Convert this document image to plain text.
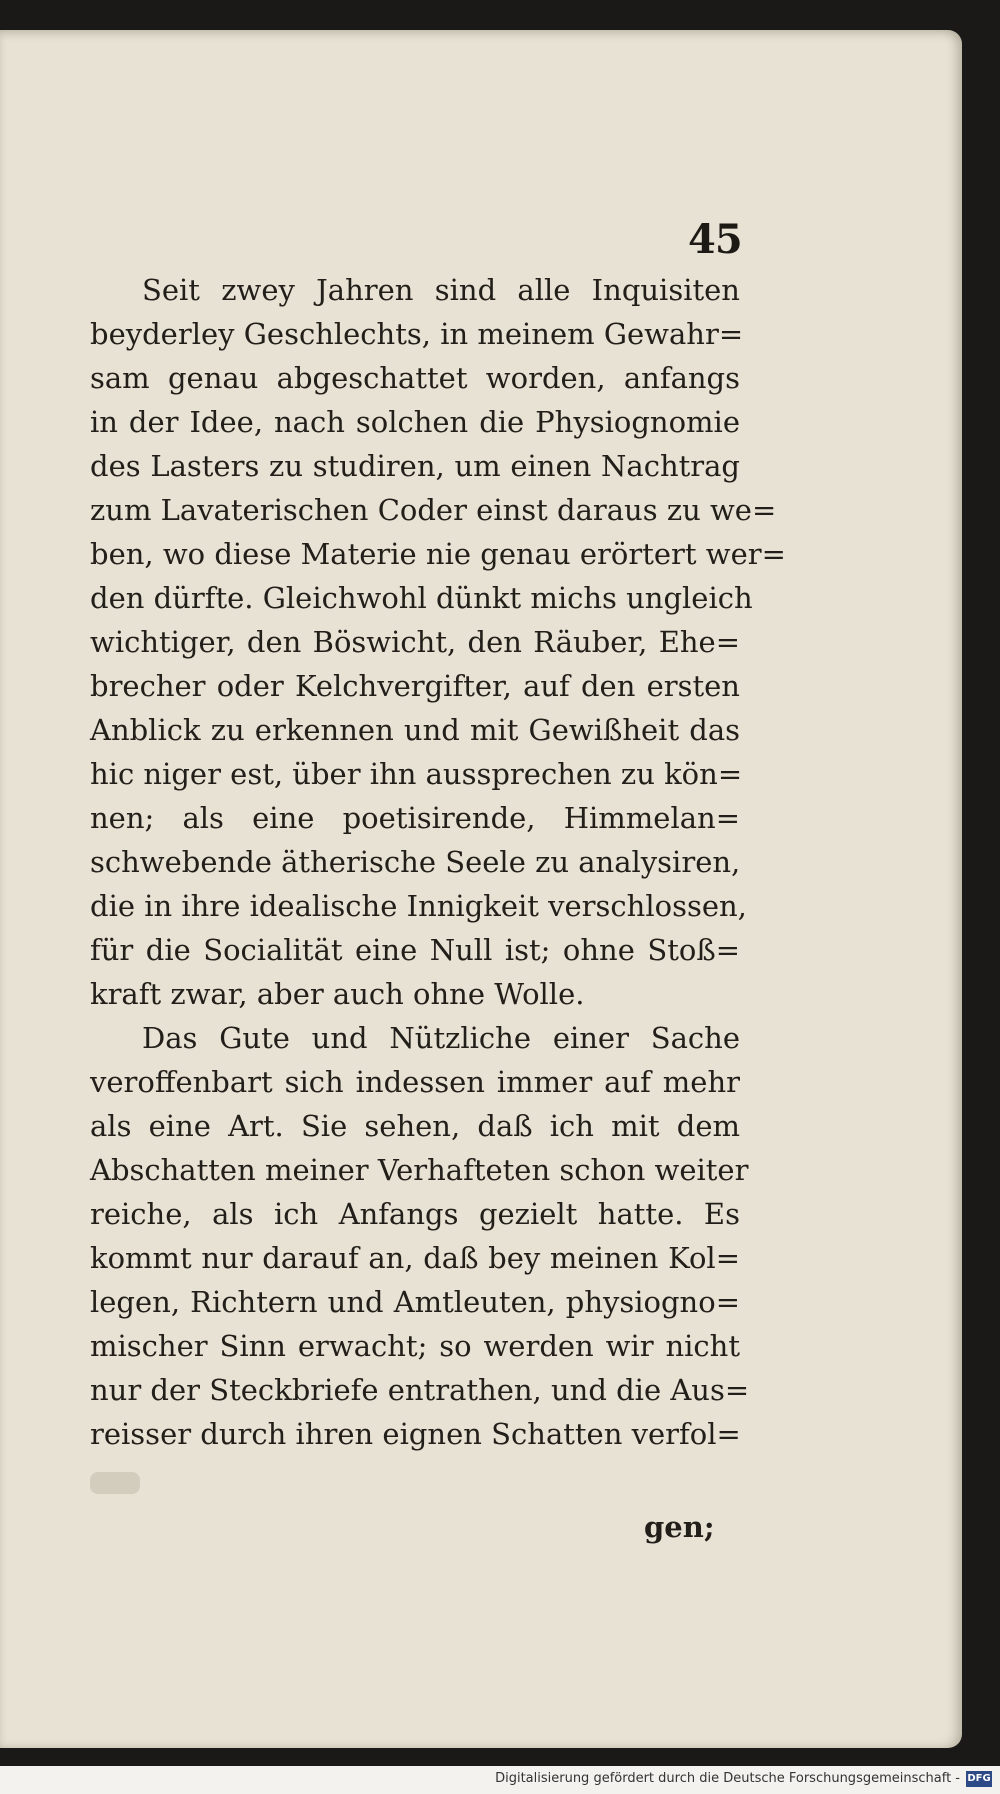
45
Seit zwey Jahren sind alle Inquisiten
beyderley Geschlechts, in meinem Gewahr=
sam genau abgeschattet worden, anfangs
in der Idee, nach solchen die Physiognomie
des Lasters zu studiren, um einen Nachtrag
zum Lavaterischen Coder einst daraus zu we=
ben, wo diese Materie nie genau erörtert wer=
den dürfte. Gleichwohl dünkt michs ungleich
wichtiger, den Böswicht, den Räuber, Ehe=
brecher oder Kelchvergifter, auf den ersten
Anblick zu erkennen und mit Gewißheit das
hic niger est, über ihn aussprechen zu kön=
nen; als eine poetisirende, Himmelan=
schwebende ätherische Seele zu analysiren,
die in ihre idealische Innigkeit verschlossen,
für die Socialität eine Null ist; ohne Stoß=
kraft zwar, aber auch ohne Wolle.
Das Gute und Nützliche einer Sache
veroffenbart sich indessen immer auf mehr
als eine Art. Sie sehen, daß ich mit dem
Abschatten meiner Verhafteten schon weiter
reiche, als ich Anfangs gezielt hatte. Es
kommt nur darauf an, daß bey meinen Kol=
legen, Richtern und Amtleuten, physiogno=
mischer Sinn erwacht; so werden wir nicht
nur der Steckbriefe entrathen, und die Aus=
reisser durch ihren eignen Schatten verfol=
gen;
Digitalisierung gefördert durch die Deutsche Forschungsgemeinschaft - DFG
